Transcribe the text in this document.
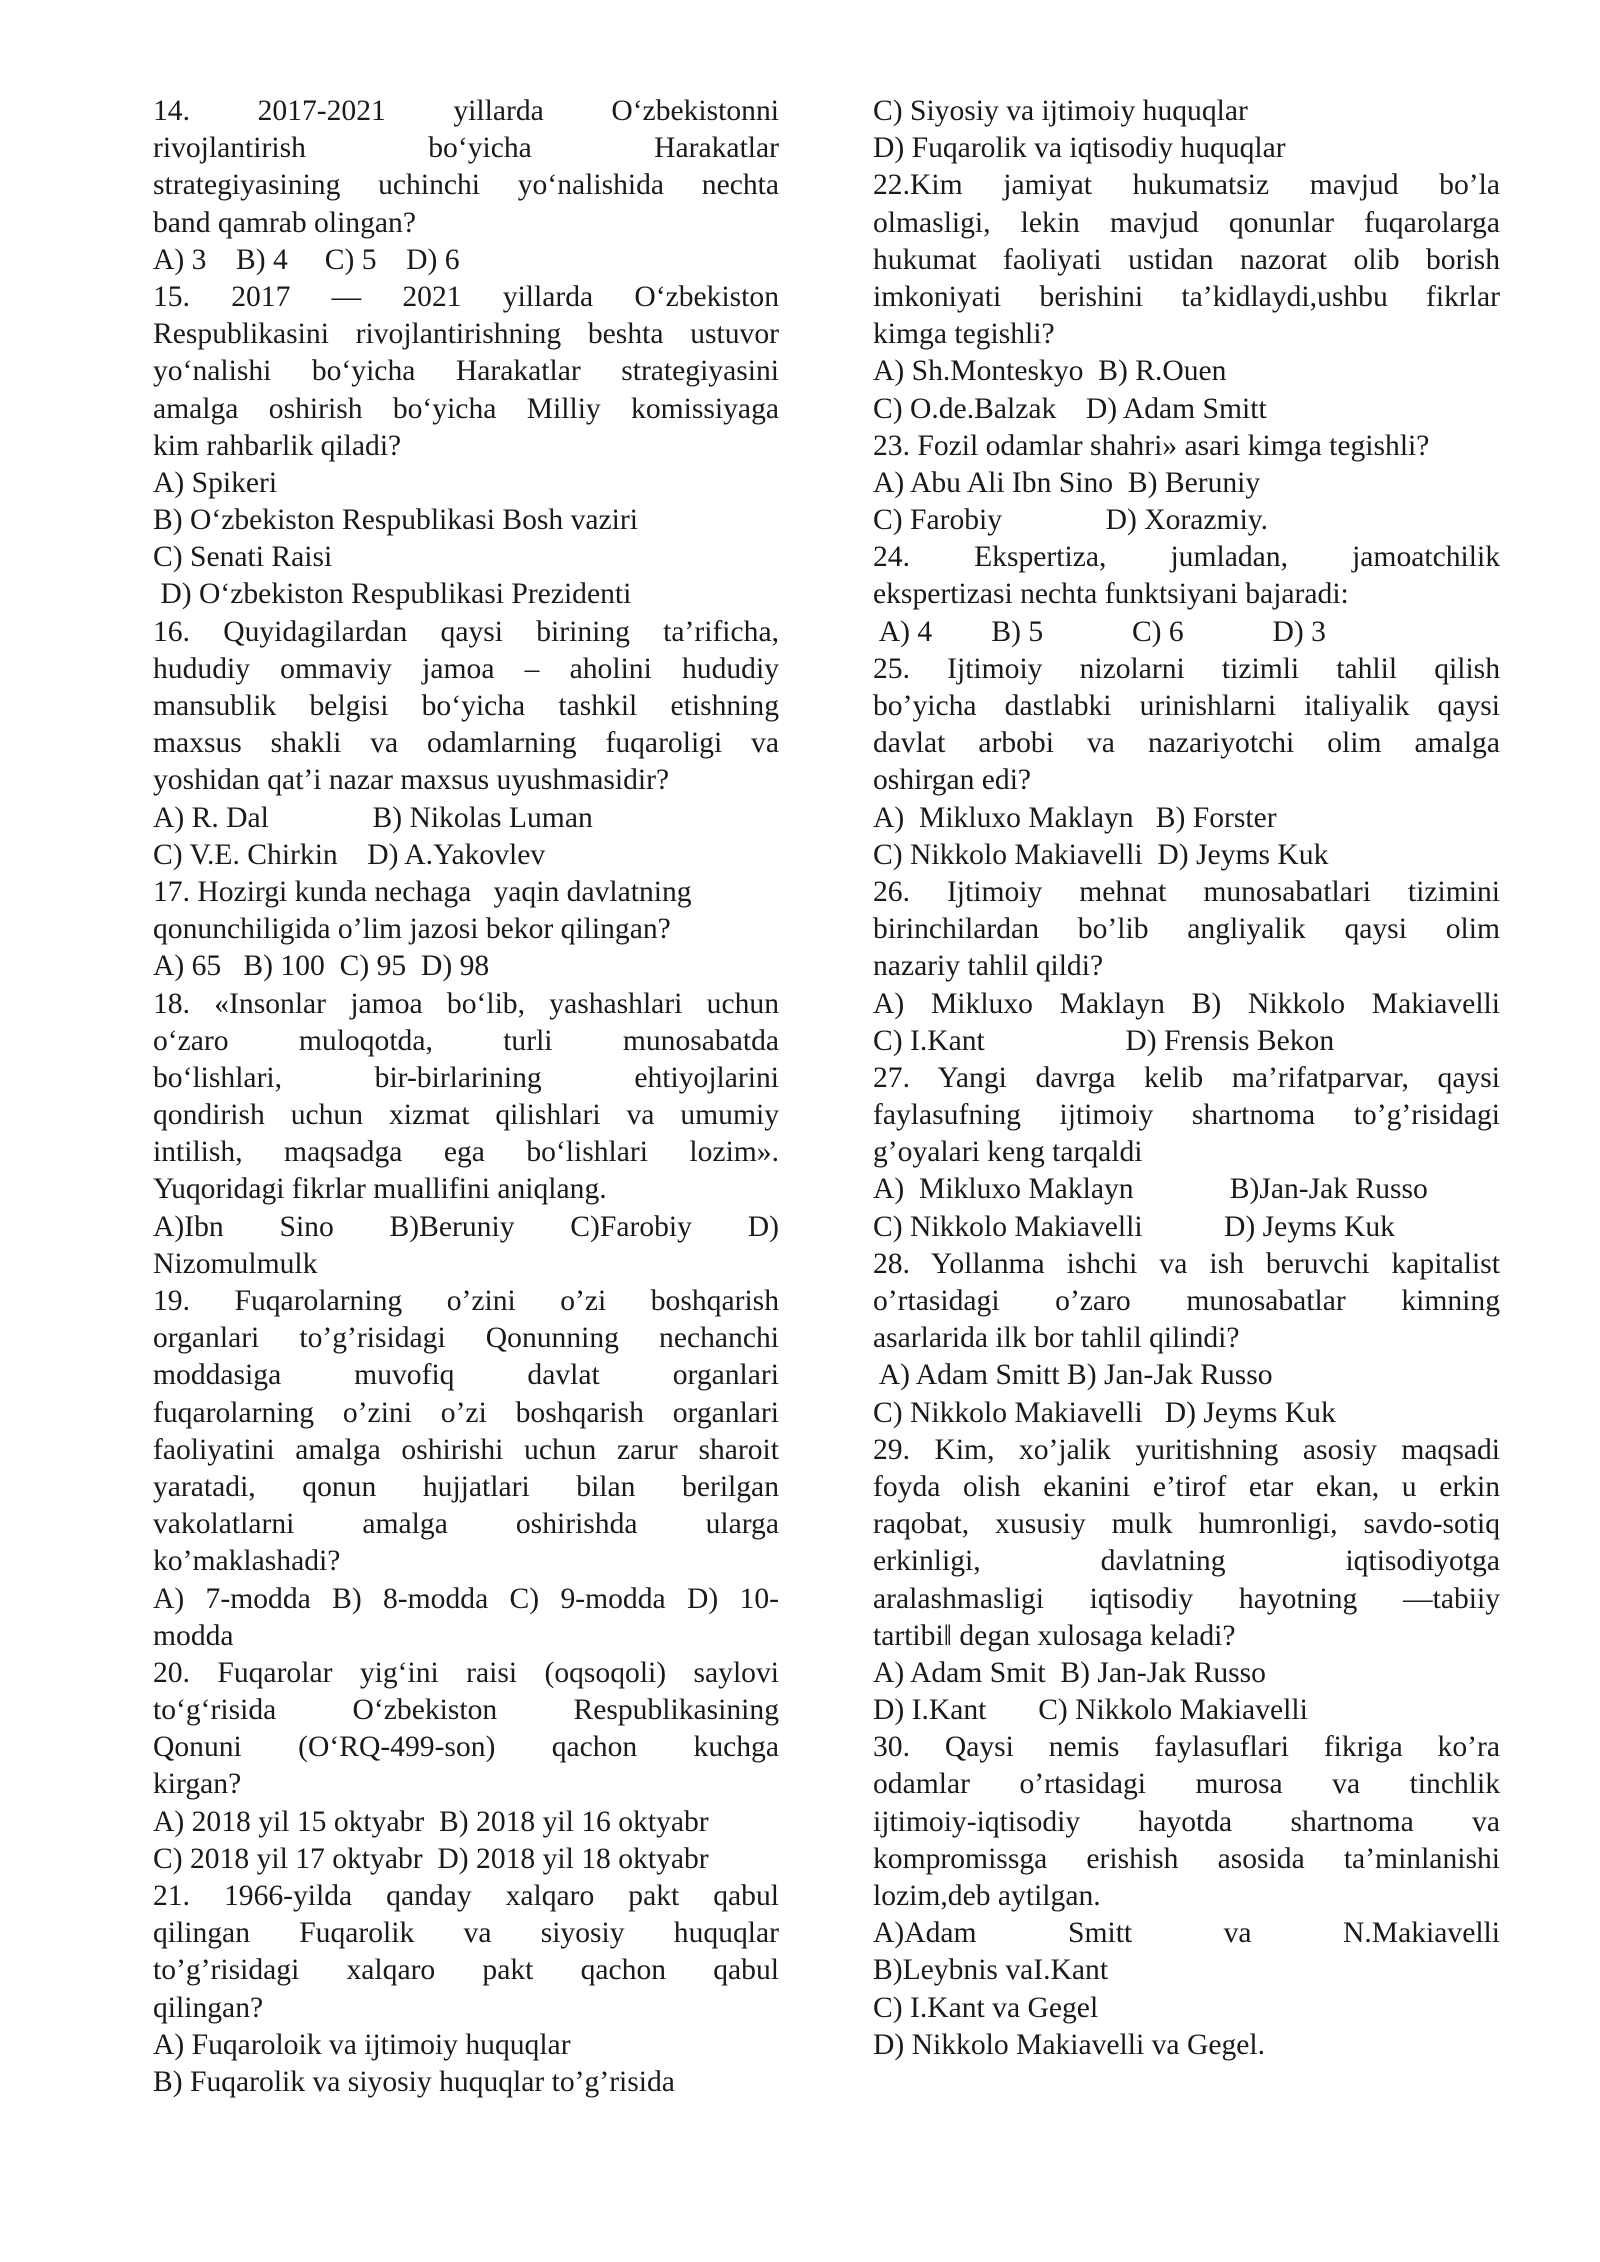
14. 2017-2021 yillarda O‘zbekistonni
rivojlantirish bo‘yicha Harakatlar
strategiyasining uchinchi yo‘nalishida nechta
band qamrab olingan?
A) 3    B) 4     C) 5    D) 6
15. 2017 — 2021 yillarda O‘zbekiston
Respublikasini rivojlantirishning beshta ustuvor
yo‘nalishi bo‘yicha Harakatlar strategiyasini
amalga oshirish bo‘yicha Milliy komissiyaga
kim rahbarlik qiladi?
A) Spikeri
B) O‘zbekiston Respublikasi Bosh vaziri
C) Senati Raisi
D) O‘zbekiston Respublikasi Prezidenti
16. Quyidagilardan qaysi birining ta’rificha,
hududiy ommaviy jamoa – aholini hududiy
mansublik belgisi bo‘yicha tashkil etishning
maxsus shakli va odamlarning fuqaroligi va
yoshidan qat’i nazar maxsus uyushmasidir?
A) R. Dal              B) Nikolas Luman
C) V.E. Chirkin    D) A.Yakovlev
17. Hozirgi kunda nechaga   yaqin davlatning
qonunchiligida o’lim jazosi bekor qilingan?
A) 65   B) 100  C) 95  D) 98
18. «Insonlar jamoa bo‘lib, yashashlari uchun
o‘zaro muloqotda, turli munosabatda
bo‘lishlari, bir-birlarining ehtiyojlarini
qondirish uchun xizmat qilishlari va umumiy
intilish, maqsadga ega bo‘lishlari lozim».
Yuqoridagi fikrlar muallifini aniqlang.
A)Ibn Sino B)Beruniy C)Farobiy D)
Nizomulmulk
19. Fuqarolarning o’zini o’zi boshqarish
organlari to’g’risidagi Qonunning nechanchi
moddasiga muvofiq davlat organlari
fuqarolarning o’zini o’zi boshqarish organlari
faoliyatini amalga oshirishi uchun zarur sharoit
yaratadi, qonun hujjatlari bilan berilgan
vakolatlarni amalga oshirishda ularga
ko’maklashadi?
A) 7-modda B) 8-modda C) 9-modda D) 10-
modda
20. Fuqarolar yig‘ini raisi (oqsoqoli) saylovi
to‘g‘risida O‘zbekiston Respublikasining
Qonuni (O‘RQ-499-son) qachon kuchga
kirgan?
A) 2018 yil 15 oktyabr  B) 2018 yil 16 oktyabr
C) 2018 yil 17 oktyabr  D) 2018 yil 18 oktyabr
21. 1966-yilda qanday xalqaro pakt qabul
qilingan Fuqarolik va siyosiy huquqlar
to’g’risidagi xalqaro pakt qachon qabul
qilingan?
A) Fuqaroloik va ijtimoiy huquqlar
B) Fuqarolik va siyosiy huquqlar to’g’risida
C) Siyosiy va ijtimoiy huquqlar
D) Fuqarolik va iqtisodiy huquqlar
22.Kim jamiyat hukumatsiz mavjud bo’la
olmasligi, lekin mavjud qonunlar fuqarolarga
hukumat faoliyati ustidan nazorat olib borish
imkoniyati berishini ta’kidlaydi,ushbu fikrlar
kimga tegishli?
A) Sh.Monteskyo  B) R.Ouen
C) O.de.Balzak    D) Adam Smitt
23. Fozil odamlar shahri» asari kimga tegishli?
A) Abu Ali Ibn Sino  B) Beruniy
C) Farobiy              D) Xorazmiy.
24. Ekspertiza, jumladan, jamoatchilik
ekspertizasi nechta funktsiyani bajaradi:
A) 4        B) 5            C) 6            D) 3
25. Ijtimoiy nizolarni tizimli tahlil qilish
bo’yicha dastlabki urinishlarni italiyalik qaysi
davlat arbobi va nazariyotchi olim amalga
oshirgan edi?
A)  Mikluxo Maklayn   B) Forster
C) Nikkolo Makiavelli  D) Jeyms Kuk
26. Ijtimoiy mehnat munosabatlari tizimini
birinchilardan bo’lib angliyalik qaysi olim
nazariy tahlil qildi?
A) Mikluxo Maklayn B) Nikkolo Makiavelli
C) I.Kant                   D) Frensis Bekon
27. Yangi davrga kelib ma’rifatparvar, qaysi
faylasufning ijtimoiy shartnoma to’g’risidagi
g’oyalari keng tarqaldi
A)  Mikluxo Maklayn             B)Jan-Jak Russo
C) Nikkolo Makiavelli           D) Jeyms Kuk
28. Yollanma ishchi va ish beruvchi kapitalist
o’rtasidagi o’zaro munosabatlar kimning
asarlarida ilk bor tahlil qilindi?
A) Adam Smitt B) Jan-Jak Russo
C) Nikkolo Makiavelli   D) Jeyms Kuk
29. Kim, xo’jalik yuritishning asosiy maqsadi
foyda olish ekanini e’tirof etar ekan, u erkin
raqobat, xususiy mulk humronligi, savdo-sotiq
erkinligi, davlatning iqtisodiyotga
aralashmasligi iqtisodiy hayotning —tabiiy
tartibi‖ degan xulosaga keladi?
A) Adam Smit  B) Jan-Jak Russo
D) I.Kant       C) Nikkolo Makiavelli
30. Qaysi nemis faylasuflari fikriga ko’ra
odamlar o’rtasidagi murosa va tinchlik
ijtimoiy-iqtisodiy hayotda shartnoma va
kompromissga erishish asosida ta’minlanishi
lozim,deb aytilgan.
A)Adam Smitt va N.Makiavelli
B)Leybnis vaI.Kant
C) I.Kant va Gegel
D) Nikkolo Makiavelli va Gegel.
